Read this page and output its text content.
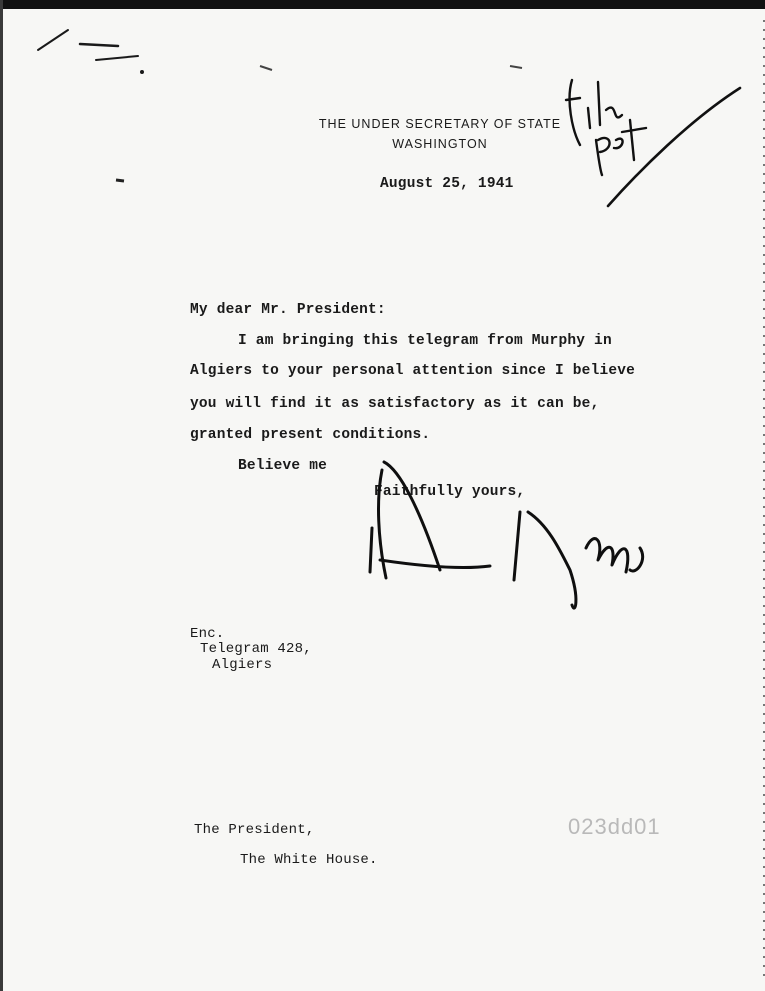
THE UNDER SECRETARY OF STATE
WASHINGTON
August 25, 1941
My dear Mr. President:
I am bringing this telegram from Murphy in
Algiers to your personal attention since I believe
you will find it as satisfactory as it can be,
granted present conditions.
Believe me
Faithfully yours,
Enc.
Telegram 428,
Algiers
The President,
The White House.
023dd01
